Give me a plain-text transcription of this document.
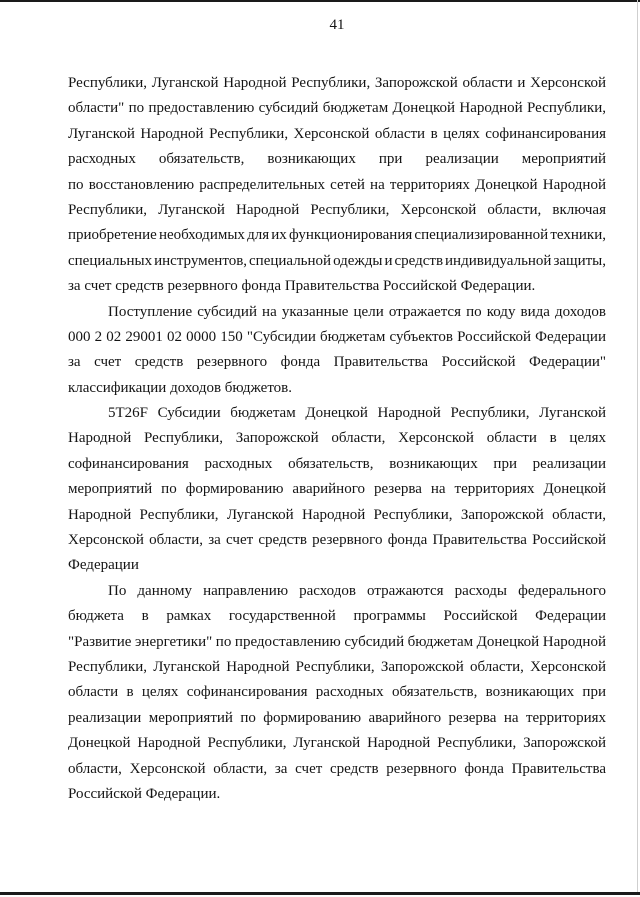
41
Республики, Луганской Народной Республики, Запорожской области и Херсонской
области" по предоставлению субсидий бюджетам Донецкой Народной Республики,
Луганской Народной Республики, Херсонской области в целях софинансирования
расходных обязательств, возникающих при реализации мероприятий
по восстановлению распределительных сетей на территориях Донецкой Народной
Республики, Луганской Народной Республики, Херсонской области, включая
приобретение необходимых для их функционирования специализированной техники,
специальных инструментов, специальной одежды и средств индивидуальной защиты,
за счет средств резервного фонда Правительства Российской Федерации.
Поступление субсидий на указанные цели отражается по коду вида доходов
000 2 02 29001 02 0000 150 "Субсидии бюджетам субъектов Российской Федерации
за счет средств резервного фонда Правительства Российской Федерации"
классификации доходов бюджетов.
5Т26F Субсидии бюджетам Донецкой Народной Республики, Луганской
Народной Республики, Запорожской области, Херсонской области в целях
софинансирования расходных обязательств, возникающих при реализации
мероприятий по формированию аварийного резерва на территориях Донецкой
Народной Республики, Луганской Народной Республики, Запорожской области,
Херсонской области, за счет средств резервного фонда Правительства Российской
Федерации
По данному направлению расходов отражаются расходы федерального
бюджета в рамках государственной программы Российской Федерации
"Развитие энергетики" по предоставлению субсидий бюджетам Донецкой Народной
Республики, Луганской Народной Республики, Запорожской области, Херсонской
области в целях софинансирования расходных обязательств, возникающих при
реализации мероприятий по формированию аварийного резерва на территориях
Донецкой Народной Республики, Луганской Народной Республики, Запорожской
области, Херсонской области, за счет средств резервного фонда Правительства
Российской Федерации.
